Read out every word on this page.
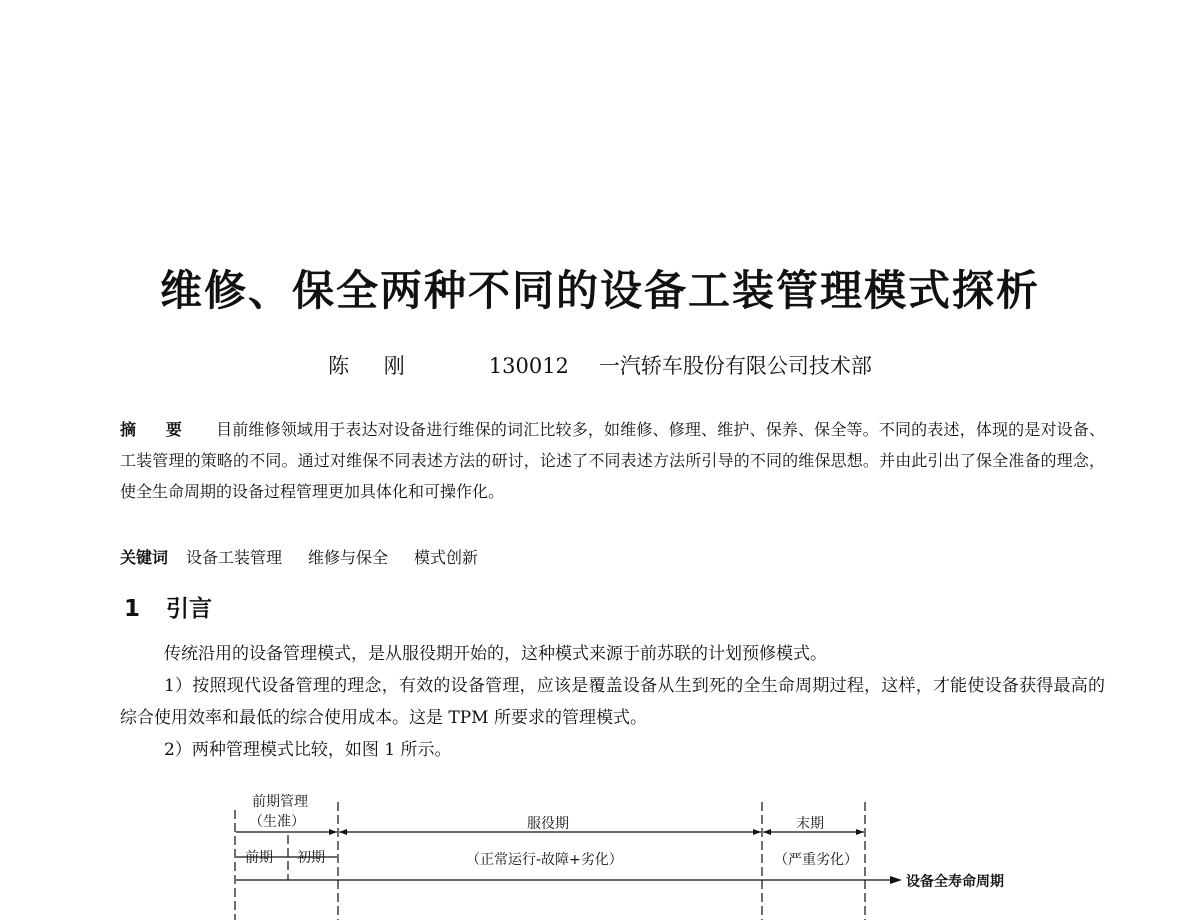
维修、保全两种不同的设备工装管理模式探析
陈 刚	130012 一汽轿车股份有限公司技术部
摘 要 目前维修领域用于表达对设备进行维保的词汇比较多，如维修、修理、维护、保养、保全等。不同的表述，体现的是对设备、工装管理的策略的不同。通过对维保不同表述方法的研讨，论述了不同表述方法所引导的不同的维保思想。并由此引出了保全准备的理念，使全生命周期的设备过程管理更加具体化和可操作化。
关键词 设备工装管理 维修与保全 模式创新
1 引言

传统沿用的设备管理模式，是从服役期开始的，这种模式来源于前苏联的计划预修模式。

1）按照现代设备管理的理念，有效的设备管理，应该是覆盖设备从生到死的全生命周期过程，这样，才能使设备获得最高的综合使用效率和最低的综合使用成本。这是 TPM 所要求的管理模式。

2）两种管理模式比较，如图 1 所示。

前期管理
（生准）	服役期	末期
前期 初期	（正常运行-故障+劣化）	（严重劣化）
设备全寿命周期
